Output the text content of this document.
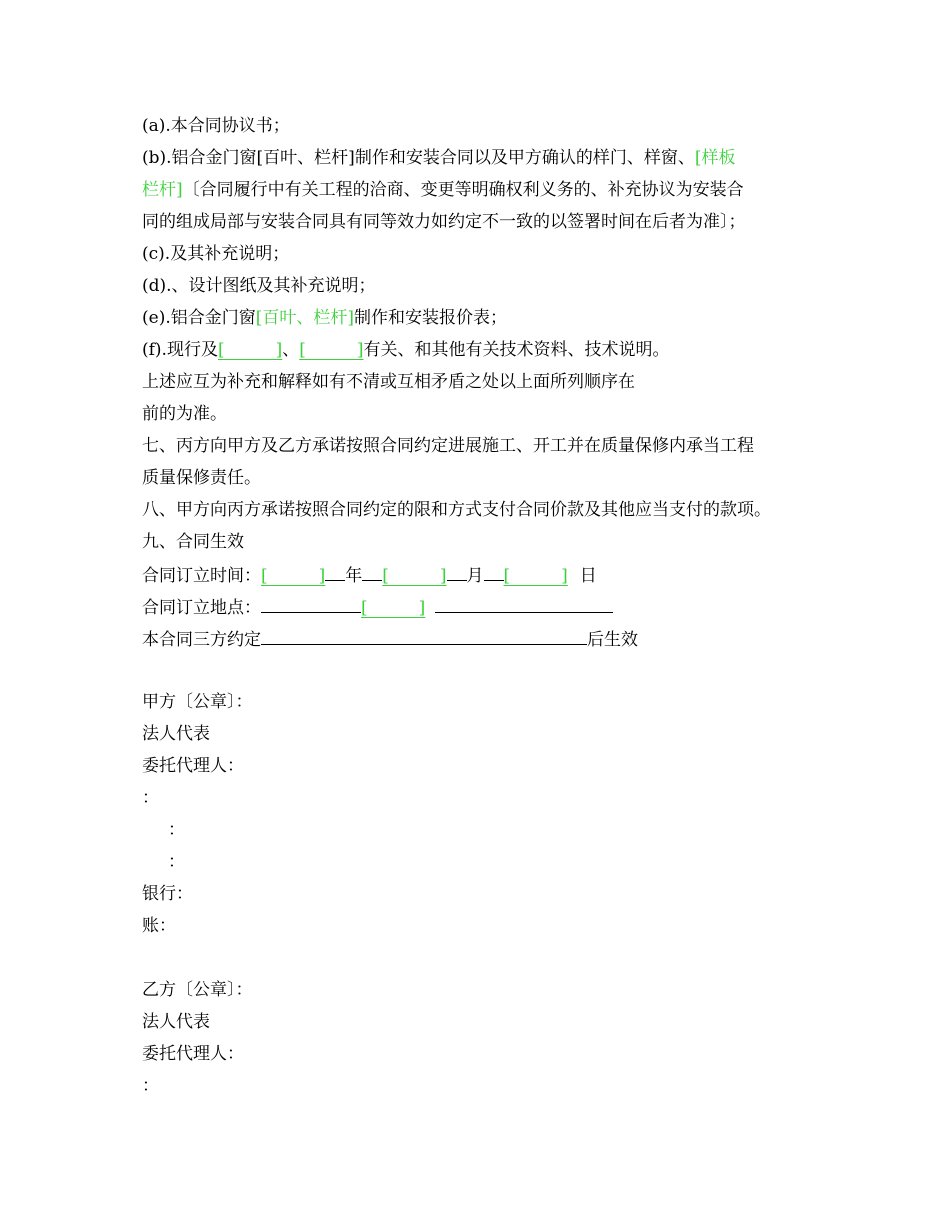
(a).本合同协议书；
(b).铝合金门窗[百叶、栏杆]制作和安装合同以及甲方确认的样门、样窗、[样板
栏杆]〔合同履行中有关工程的洽商、变更等明确权利义务的、补充协议为安装合
同的组成局部与安装合同具有同等效力如约定不一致的以签署时间在后者为准〕；
(c).及其补充说明；
(d).、设计图纸及其补充说明；
(e).铝合金门窗[百叶、栏杆]制作和安装报价表；
(f).现行及[　　　]、[　　　]有关、和其他有关技术资料、技术说明。
上述应互为补充和解释如有不清或互相矛盾之处以上面所列顺序在
前的为准。
七、丙方向甲方及乙方承诺按照合同约定进展施工、开工并在质量保修内承当工程
质量保修责任。
八、甲方向丙方承诺按照合同约定的限和方式支付合同价款及其他应当支付的款项。
九、合同生效
合同订立时间：[　　　] 年 [　　　] 月 [　　　] 日
合同订立地点：	[　　　]
本合同三方约定	后生效
甲方〔公章〕：
法人代表
委托代理人：
：
：
：
银行：
账：
乙方〔公章〕：
法人代表
委托代理人：
：
